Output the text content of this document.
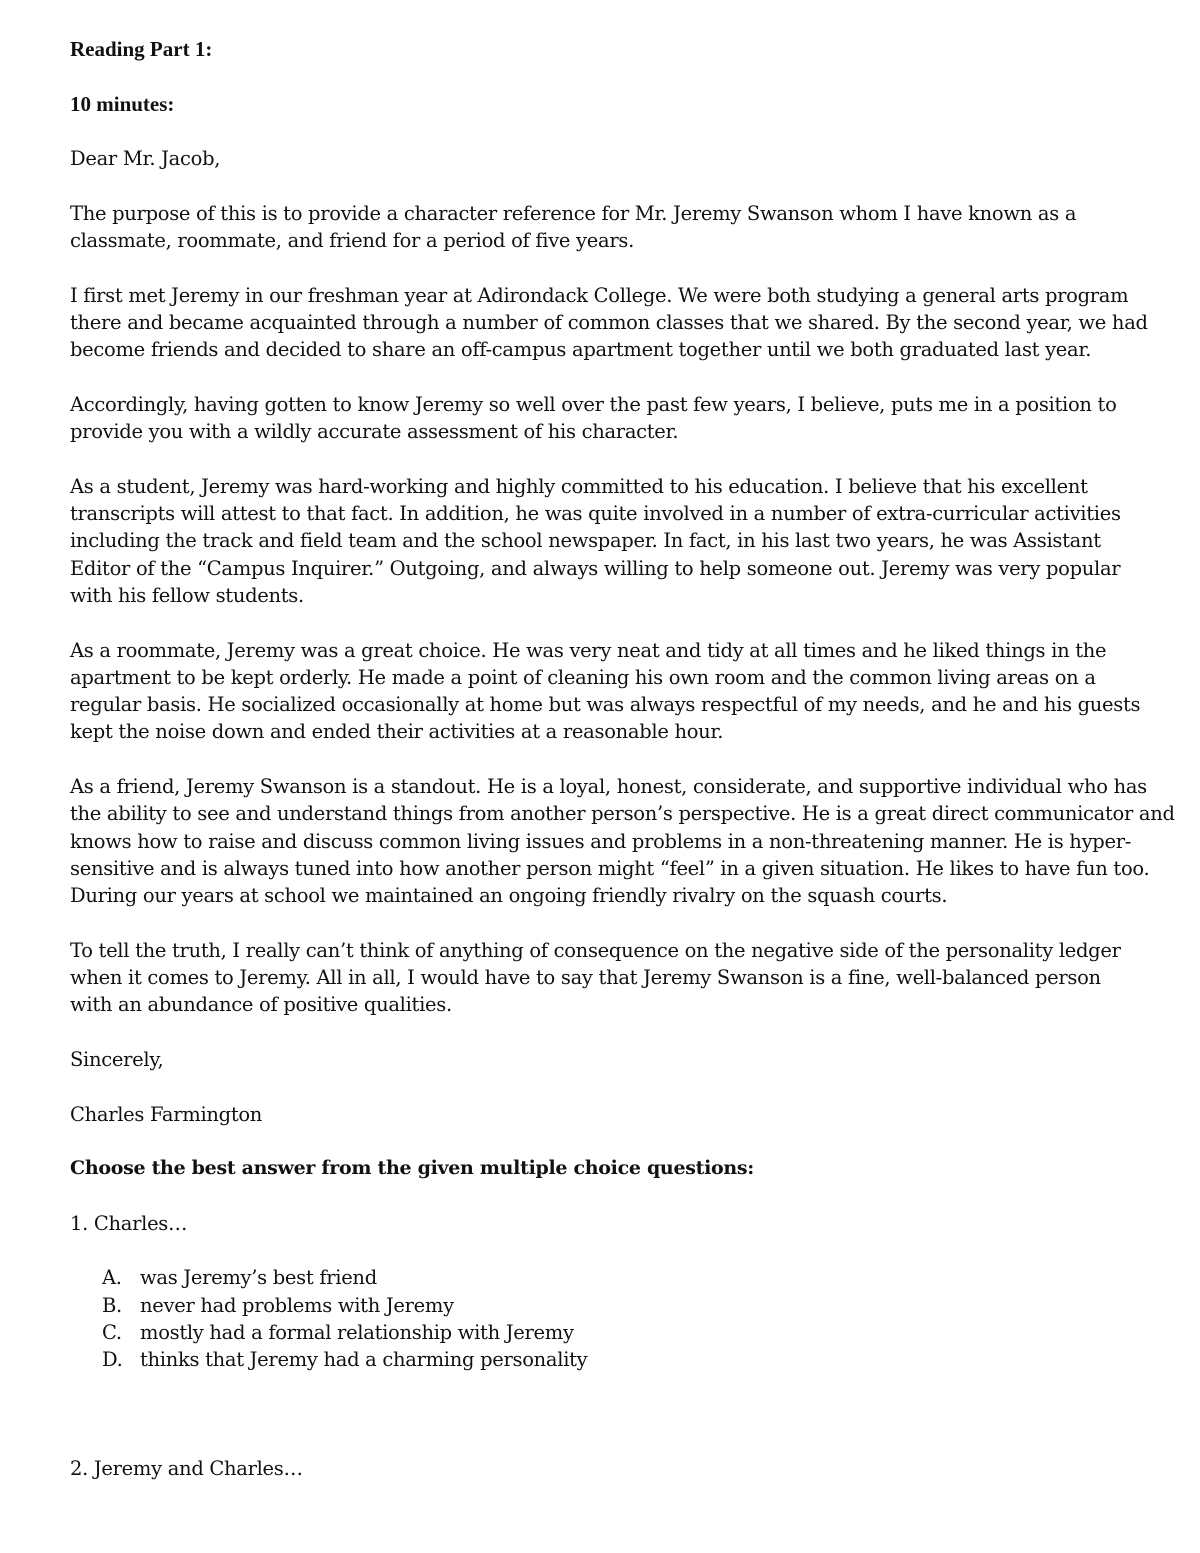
Reading Part 1:
10 minutes:
Dear Mr. Jacob,
The purpose of this is to provide a character reference for Mr. Jeremy Swanson whom I have known as a
classmate, roommate, and friend for a period of five years.
I first met Jeremy in our freshman year at Adirondack College. We were both studying a general arts program
there and became acquainted through a number of common classes that we shared. By the second year, we had
become friends and decided to share an off-campus apartment together until we both graduated last year.
Accordingly, having gotten to know Jeremy so well over the past few years, I believe, puts me in a position to
provide you with a wildly accurate assessment of his character.
As a student, Jeremy was hard-working and highly committed to his education. I believe that his excellent
transcripts will attest to that fact. In addition, he was quite involved in a number of extra-curricular activities
including the track and field team and the school newspaper. In fact, in his last two years, he was Assistant
Editor of the “Campus Inquirer.” Outgoing, and always willing to help someone out. Jeremy was very popular
with his fellow students.
As a roommate, Jeremy was a great choice. He was very neat and tidy at all times and he liked things in the
apartment to be kept orderly. He made a point of cleaning his own room and the common living areas on a
regular basis. He socialized occasionally at home but was always respectful of my needs, and he and his guests
kept the noise down and ended their activities at a reasonable hour.
As a friend, Jeremy Swanson is a standout. He is a loyal, honest, considerate, and supportive individual who has
the ability to see and understand things from another person’s perspective. He is a great direct communicator and
knows how to raise and discuss common living issues and problems in a non-threatening manner. He is hyper-
sensitive and is always tuned into how another person might “feel” in a given situation. He likes to have fun too.
During our years at school we maintained an ongoing friendly rivalry on the squash courts.
To tell the truth, I really can’t think of anything of consequence on the negative side of the personality ledger
when it comes to Jeremy. All in all, I would have to say that Jeremy Swanson is a fine, well-balanced person
with an abundance of positive qualities.
Sincerely,
Charles Farmington
Choose the best answer from the given multiple choice questions:
1. Charles…
A. was Jeremy’s best friend
B. never had problems with Jeremy
C. mostly had a formal relationship with Jeremy
D. thinks that Jeremy had a charming personality
2. Jeremy and Charles…
